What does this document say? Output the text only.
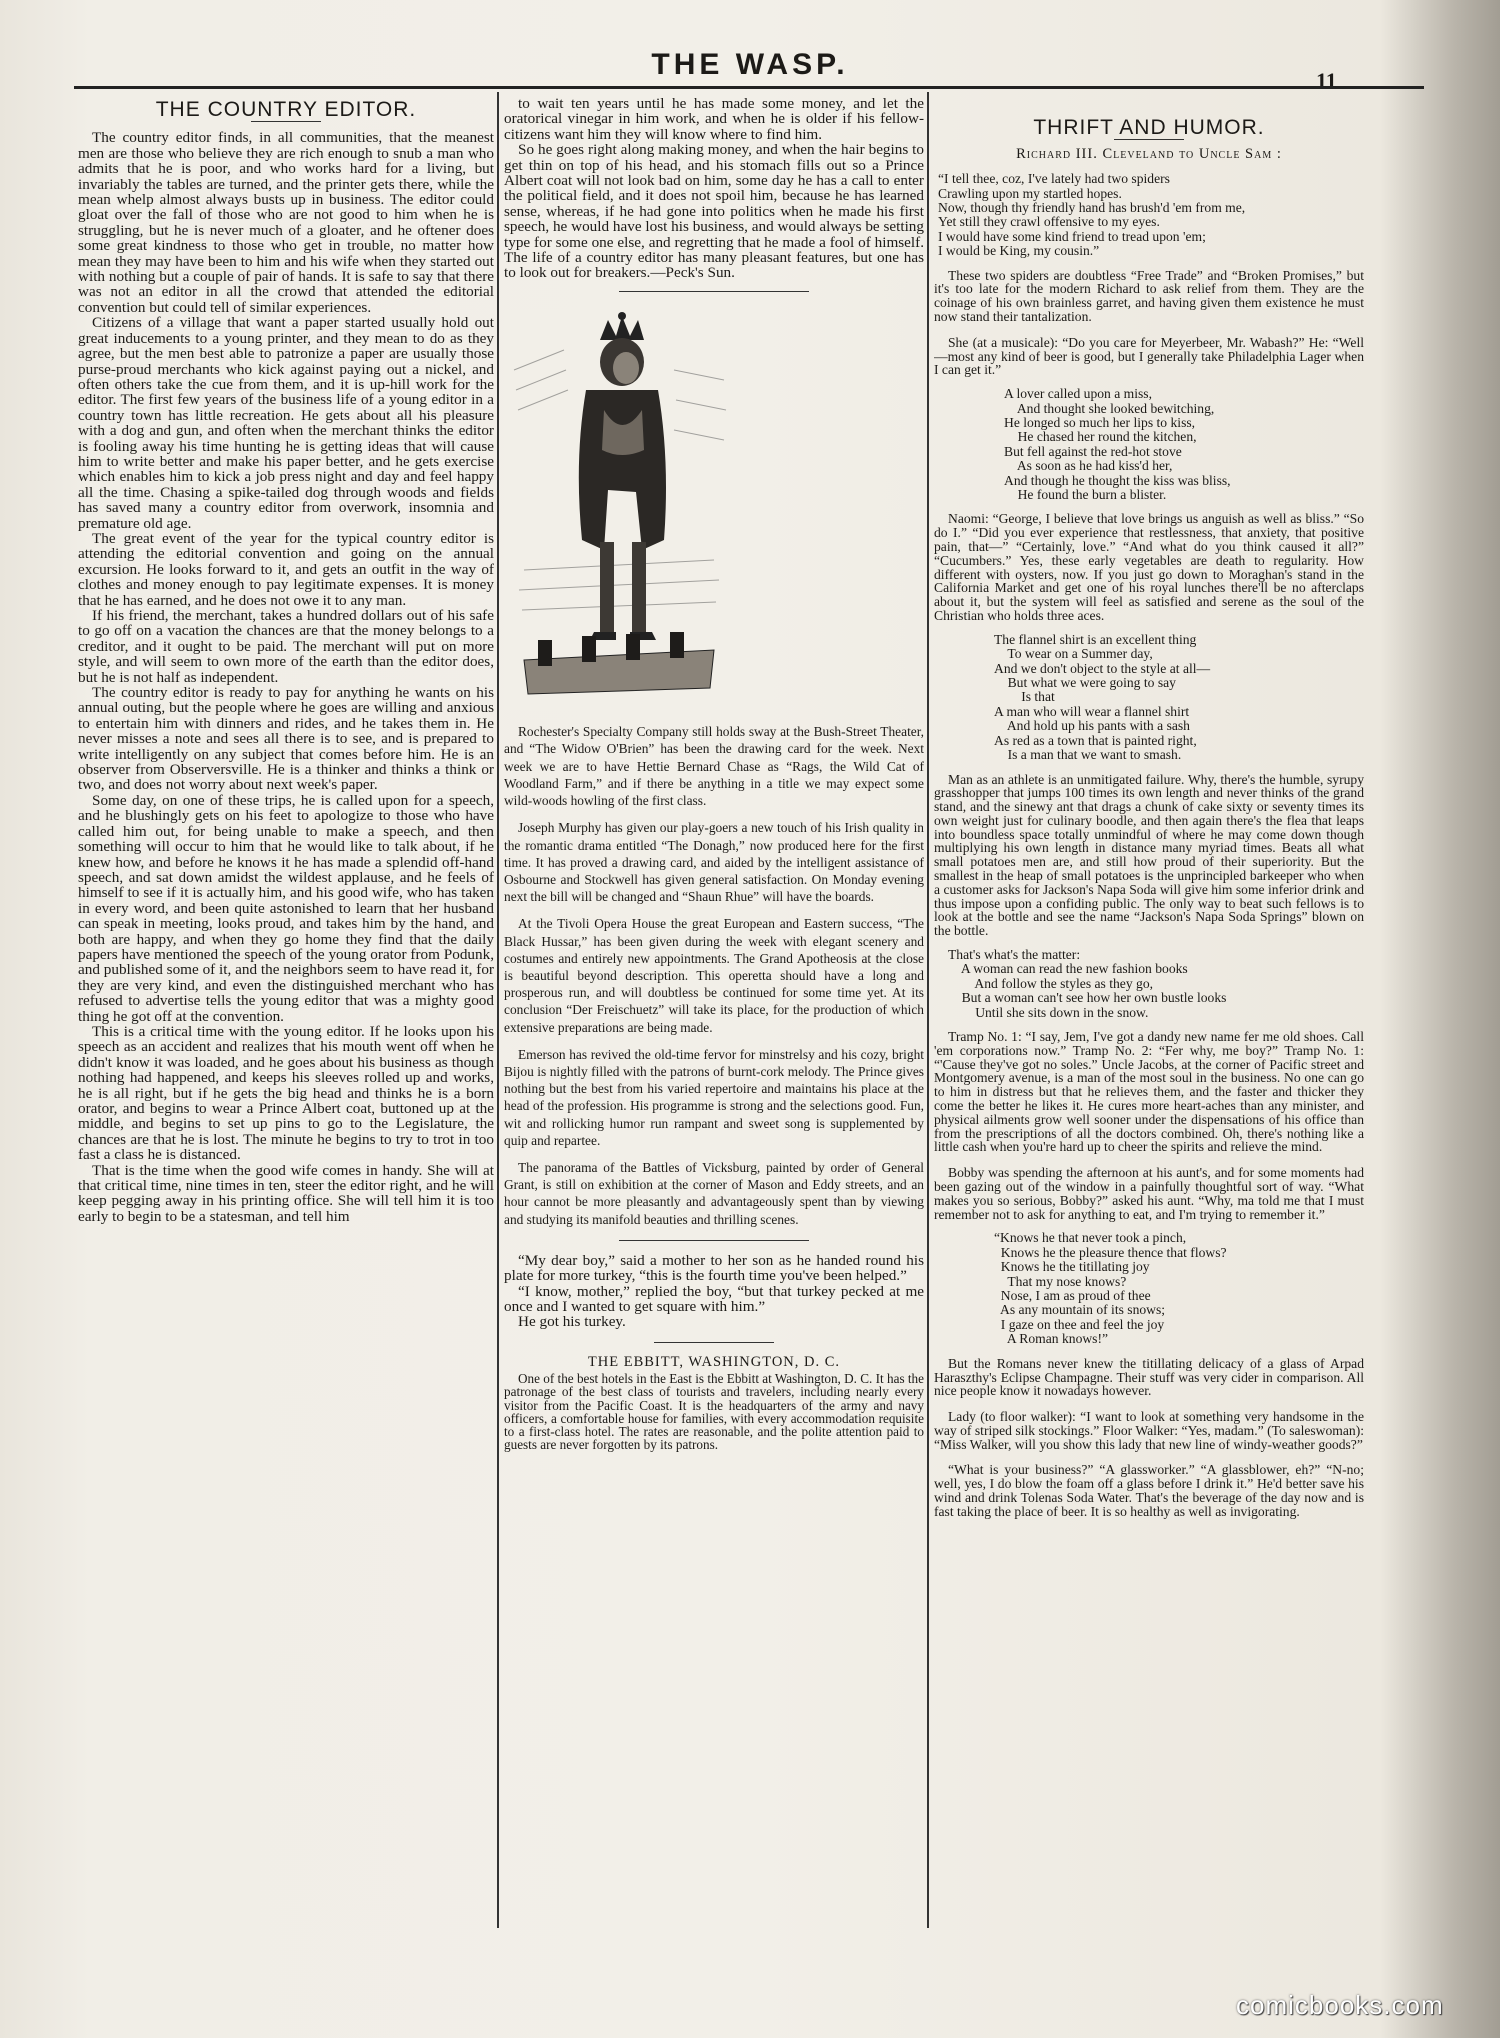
THE WASP.	11
THE COUNTRY EDITOR.

The country editor finds, in all communities, that the meanest men are those who believe they are rich enough to snub a man who admits that he is poor, and who works hard for a living, but invariably the tables are turned, and the printer gets there, while the mean whelp almost always busts up in business. The editor could gloat over the fall of those who are not good to him when he is struggling, but he is never much of a gloater, and he oftener does some great kindness to those who get in trouble, no matter how mean they may have been to him and his wife when they started out with nothing but a couple of pair of hands. It is safe to say that there was not an editor in all the crowd that attended the editorial convention but could tell of similar experiences.

Citizens of a village that want a paper started usually hold out great inducements to a young printer, and they mean to do as they agree, but the men best able to patronize a paper are usually those purse-proud merchants who kick against paying out a nickel, and often others take the cue from them, and it is up-hill work for the editor. The first few years of the business life of a young editor in a country town has little recreation. He gets about all his pleasure with a dog and gun, and often when the merchant thinks the editor is fooling away his time hunting he is getting ideas that will cause him to write better and make his paper better, and he gets exercise which enables him to kick a job press night and day and feel happy all the time. Chasing a spike-tailed dog through woods and fields has saved many a country editor from overwork, insomnia and premature old age.

The great event of the year for the typical country editor is attending the editorial convention and going on the annual excursion. He looks forward to it, and gets an outfit in the way of clothes and money enough to pay legitimate expenses. It is money that he has earned, and he does not owe it to any man.

If his friend, the merchant, takes a hundred dollars out of his safe to go off on a vacation the chances are that the money belongs to a creditor, and it ought to be paid. The merchant will put on more style, and will seem to own more of the earth than the editor does, but he is not half as independent.

The country editor is ready to pay for anything he wants on his annual outing, but the people where he goes are willing and anxious to entertain him with dinners and rides, and he takes them in. He never misses a note and sees all there is to see, and is prepared to write intelligently on any subject that comes before him. He is an observer from Observersville. He is a thinker and thinks a think or two, and does not worry about next week's paper.

Some day, on one of these trips, he is called upon for a speech, and he blushingly gets on his feet to apologize to those who have called him out, for being unable to make a speech, and then something will occur to him that he would like to talk about, if he knew how, and before he knows it he has made a splendid off-hand speech, and sat down amidst the wildest applause, and he feels of himself to see if it is actually him, and his good wife, who has taken in every word, and been quite astonished to learn that her husband can speak in meeting, looks proud, and takes him by the hand, and both are happy, and when they go home they find that the daily papers have mentioned the speech of the young orator from Podunk, and published some of it, and the neighbors seem to have read it, for they are very kind, and even the distinguished merchant who has refused to advertise tells the young editor that was a mighty good thing he got off at the convention.

This is a critical time with the young editor. If he looks upon his speech as an accident and realizes that his mouth went off when he didn't know it was loaded, and he goes about his business as though nothing had happened, and keeps his sleeves rolled up and works, he is all right, but if he gets the big head and thinks he is a born orator, and begins to wear a Prince Albert coat, buttoned up at the middle, and begins to set up pins to go to the Legislature, the chances are that he is lost. The minute he begins to try to trot in too fast a class he is distanced.

That is the time when the good wife comes in handy. She will at that critical time, nine times in ten, steer the editor right, and he will keep pegging away in his printing office. She will tell him it is too early to begin to be a statesman, and tell him

to wait ten years until he has made some money, and let the oratorical vinegar in him work, and when he is older if his fellow-citizens want him they will know where to find him.

So he goes right along making money, and when the hair begins to get thin on top of his head, and his stomach fills out so a Prince Albert coat will not look bad on him, some day he has a call to enter the political field, and it does not spoil him, because he has learned sense, whereas, if he had gone into politics when he made his first speech, he would have lost his business, and would always be setting type for some one else, and regretting that he made a fool of himself. The life of a country editor has many pleasant features, but one has to look out for breakers.—Peck's Sun.

Rochester's Specialty Company still holds sway at the Bush-Street Theater, and “The Widow O'Brien” has been the drawing card for the week. Next week we are to have Hettie Bernard Chase as “Rags, the Wild Cat of Woodland Farm,” and if there be anything in a title we may expect some wild-woods howling of the first class.

Joseph Murphy has given our play-goers a new touch of his Irish quality in the romantic drama entitled “The Donagh,” now produced here for the first time. It has proved a drawing card, and aided by the intelligent assistance of Osbourne and Stockwell has given general satisfaction. On Monday evening next the bill will be changed and “Shaun Rhue” will have the boards.

At the Tivoli Opera House the great European and Eastern success, “The Black Hussar,” has been given during the week with elegant scenery and costumes and entirely new appointments. The Grand Apotheosis at the close is beautiful beyond description. This operetta should have a long and prosperous run, and will doubtless be continued for some time yet. At its conclusion “Der Freischuetz” will take its place, for the production of which extensive preparations are being made.

Emerson has revived the old-time fervor for minstrelsy and his cozy, bright Bijou is nightly filled with the patrons of burnt-cork melody. The Prince gives nothing but the best from his varied repertoire and maintains his place at the head of the profession. His programme is strong and the selections good. Fun, wit and rollicking humor run rampant and sweet song is supplemented by quip and repartee.

The panorama of the Battles of Vicksburg, painted by order of General Grant, is still on exhibition at the corner of Mason and Eddy streets, and an hour cannot be more pleasantly and advantageously spent than by viewing and studying its manifold beauties and thrilling scenes.

“My dear boy,” said a mother to her son as he handed round his plate for more turkey, “this is the fourth time you've been helped.”

“I know, mother,” replied the boy, “but that turkey pecked at me once and I wanted to get square with him.”

He got his turkey.

THE EBBITT, WASHINGTON, D. C.

One of the best hotels in the East is the Ebbitt at Washington, D. C. It has the patronage of the best class of tourists and travelers, including nearly every visitor from the Pacific Coast. It is the headquarters of the army and navy officers, a comfortable house for families, with every accommodation requisite to a first-class hotel. The rates are reasonable, and the polite attention paid to guests are never forgotten by its patrons.

THRIFT AND HUMOR.
Richard III. Cleveland to Uncle Sam :
“I tell thee, coz, I've lately had two spiders
Crawling upon my startled hopes.
Now, though thy friendly hand has brush'd 'em from me,
Yet still they crawl offensive to my eyes.
I would have some kind friend to tread upon 'em;
I would be King, my cousin.”

These two spiders are doubtless “Free Trade” and “Broken Promises,” but it's too late for the modern Richard to ask relief from them. They are the coinage of his own brainless garret, and having given them existence he must now stand their tantalization.

She (at a musicale): “Do you care for Meyerbeer, Mr. Wabash?” He: “Well—most any kind of beer is good, but I generally take Philadelphia Lager when I can get it.”

A lover called upon a miss,
And thought she looked bewitching,
He longed so much her lips to kiss,
He chased her round the kitchen,
But fell against the red-hot stove
As soon as he had kiss'd her,
And though he thought the kiss was bliss,
He found the burn a blister.

Naomi: “George, I believe that love brings us anguish as well as bliss.” “So do I.” “Did you ever experience that restlessness, that anxiety, that positive pain, that—” “Certainly, love.” “And what do you think caused it all?” “Cucumbers.” Yes, these early vegetables are death to regularity. How different with oysters, now. If you just go down to Moraghan's stand in the California Market and get one of his royal lunches there'll be no afterclaps about it, but the system will feel as satisfied and serene as the soul of the Christian who holds three aces.

The flannel shirt is an excellent thing
To wear on a Summer day,
And we don't object to the style at all—
But what we were going to say
Is that
A man who will wear a flannel shirt
And hold up his pants with a sash
As red as a town that is painted right,
Is a man that we want to smash.

Man as an athlete is an unmitigated failure. Why, there's the humble, syrupy grasshopper that jumps 100 times its own length and never thinks of the grand stand, and the sinewy ant that drags a chunk of cake sixty or seventy times its own weight just for culinary boodle, and then again there's the flea that leaps into boundless space totally unmindful of where he may come down though multiplying his own length in distance many myriad times. Beats all what small potatoes men are, and still how proud of their superiority. But the smallest in the heap of small potatoes is the unprincipled barkeeper who when a customer asks for Jackson's Napa Soda will give him some inferior drink and thus impose upon a confiding public. The only way to beat such fellows is to look at the bottle and see the name “Jackson's Napa Soda Springs” blown on the bottle.

That's what's the matter:
A woman can read the new fashion books
And follow the styles as they go,
But a woman can't see how her own bustle looks
Until she sits down in the snow.

Tramp No. 1: “I say, Jem, I've got a dandy new name fer me old shoes. Call 'em corporations now.” Tramp No. 2: “Fer why, me boy?” Tramp No. 1: “'Cause they've got no soles.” Uncle Jacobs, at the corner of Pacific street and Montgomery avenue, is a man of the most soul in the business. No one can go to him in distress but that he relieves them, and the faster and thicker they come the better he likes it. He cures more heart-aches than any minister, and physical ailments grow well sooner under the dispensations of his office than from the prescriptions of all the doctors combined. Oh, there's nothing like a little cash when you're hard up to cheer the spirits and relieve the mind.

Bobby was spending the afternoon at his aunt's, and for some moments had been gazing out of the window in a painfully thoughtful sort of way. “What makes you so serious, Bobby?” asked his aunt. “Why, ma told me that I must remember not to ask for anything to eat, and I'm trying to remember it.”

“Knows he that never took a pinch,
Knows he the pleasure thence that flows?
Knows he the titillating joy
That my nose knows?
Nose, I am as proud of thee
As any mountain of its snows;
I gaze on thee and feel the joy
A Roman knows!”

But the Romans never knew the titillating delicacy of a glass of Arpad Haraszthy's Eclipse Champagne. Their stuff was very cider in comparison. All nice people know it nowadays however.

Lady (to floor walker): “I want to look at something very handsome in the way of striped silk stockings.” Floor Walker: “Yes, madam.” (To saleswoman): “Miss Walker, will you show this lady that new line of windy-weather goods?”

“What is your business?” “A glassworker.” “A glassblower, eh?” “N-no; well, yes, I do blow the foam off a glass before I drink it.” He'd better save his wind and drink Tolenas Soda Water. That's the beverage of the day now and is fast taking the place of beer. It is so healthy as well as invigorating.

comicbooks.com
